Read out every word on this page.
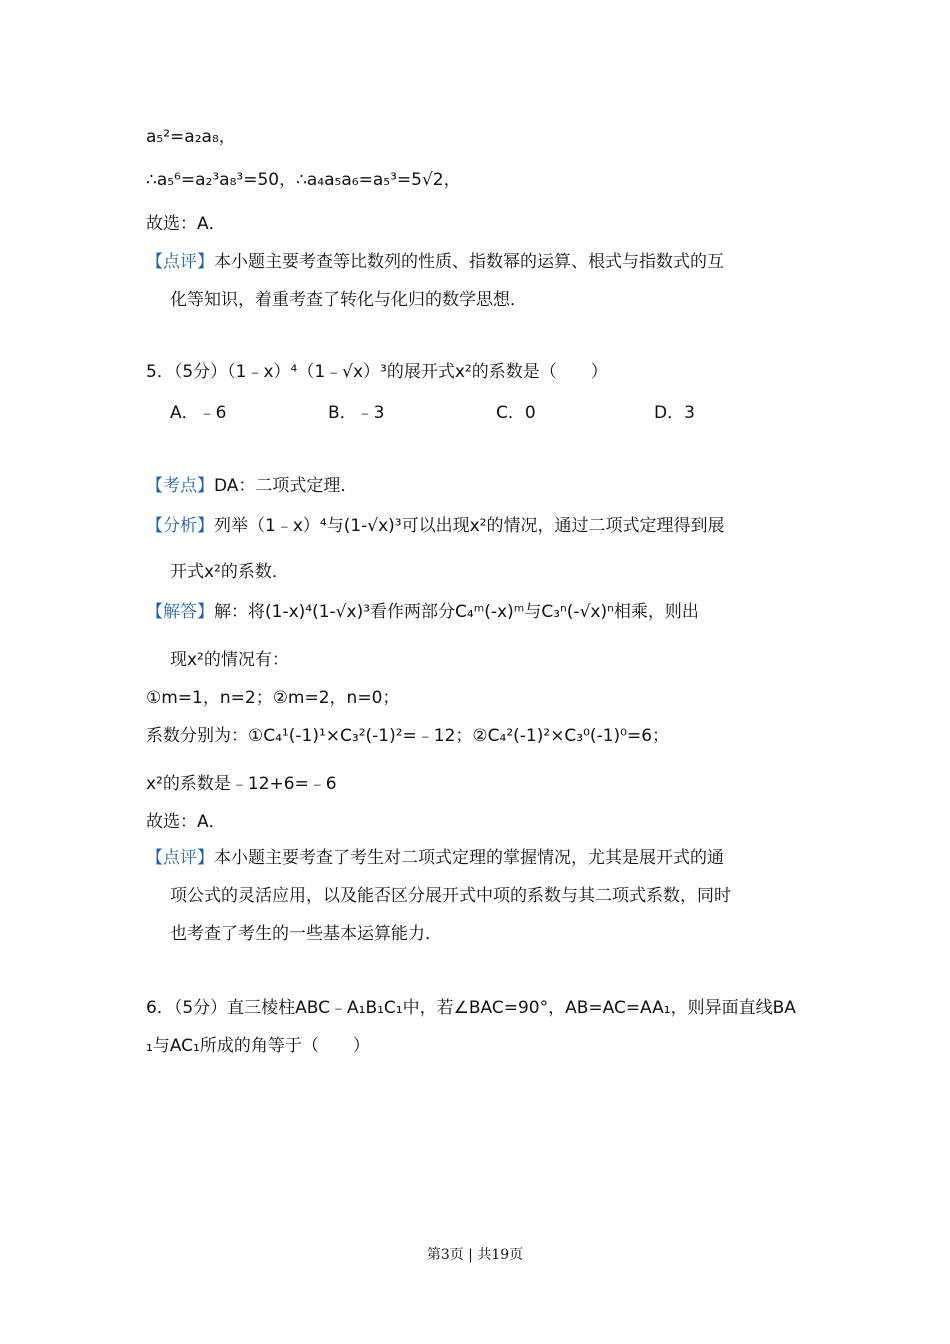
a₅²=a₂a₈，
∴a₅⁶=a₂³a₈³=50，∴a₄a₅a₆=a₅³=5√2，
故选：A．
【点评】本小题主要考查等比数列的性质、指数幂的运算、根式与指数式的互
化等知识，着重考查了转化与化归的数学思想．
5．（5分）（1﹣x）⁴（1﹣√x）³的展开式x²的系数是（　　）
A．﹣6	B．﹣3	C．0	D．3
【考点】DA：二项式定理．
【分析】列举（1﹣x）⁴与(1-√x)³可以出现x²的情况，通过二项式定理得到展
开式x²的系数．
【解答】解：将(1-x)⁴(1-√x)³看作两部分C₄ᵐ(-x)ᵐ与C₃ⁿ(-√x)ⁿ相乘，则出
现x²的情况有：
①m=1，n=2；②m=2，n=0；
系数分别为：①C₄¹(-1)¹×C₃²(-1)²=﹣12；②C₄²(-1)²×C₃⁰(-1)⁰=6；
x²的系数是﹣12+6=﹣6
故选：A．
【点评】本小题主要考查了考生对二项式定理的掌握情况，尤其是展开式的通
项公式的灵活应用，以及能否区分展开式中项的系数与其二项式系数，同时
也考查了考生的一些基本运算能力．
6．（5分）直三棱柱ABC﹣A₁B₁C₁中，若∠BAC=90°，AB=AC=AA₁，则异面直线BA
₁与AC₁所成的角等于（　　）
第3页 | 共19页
